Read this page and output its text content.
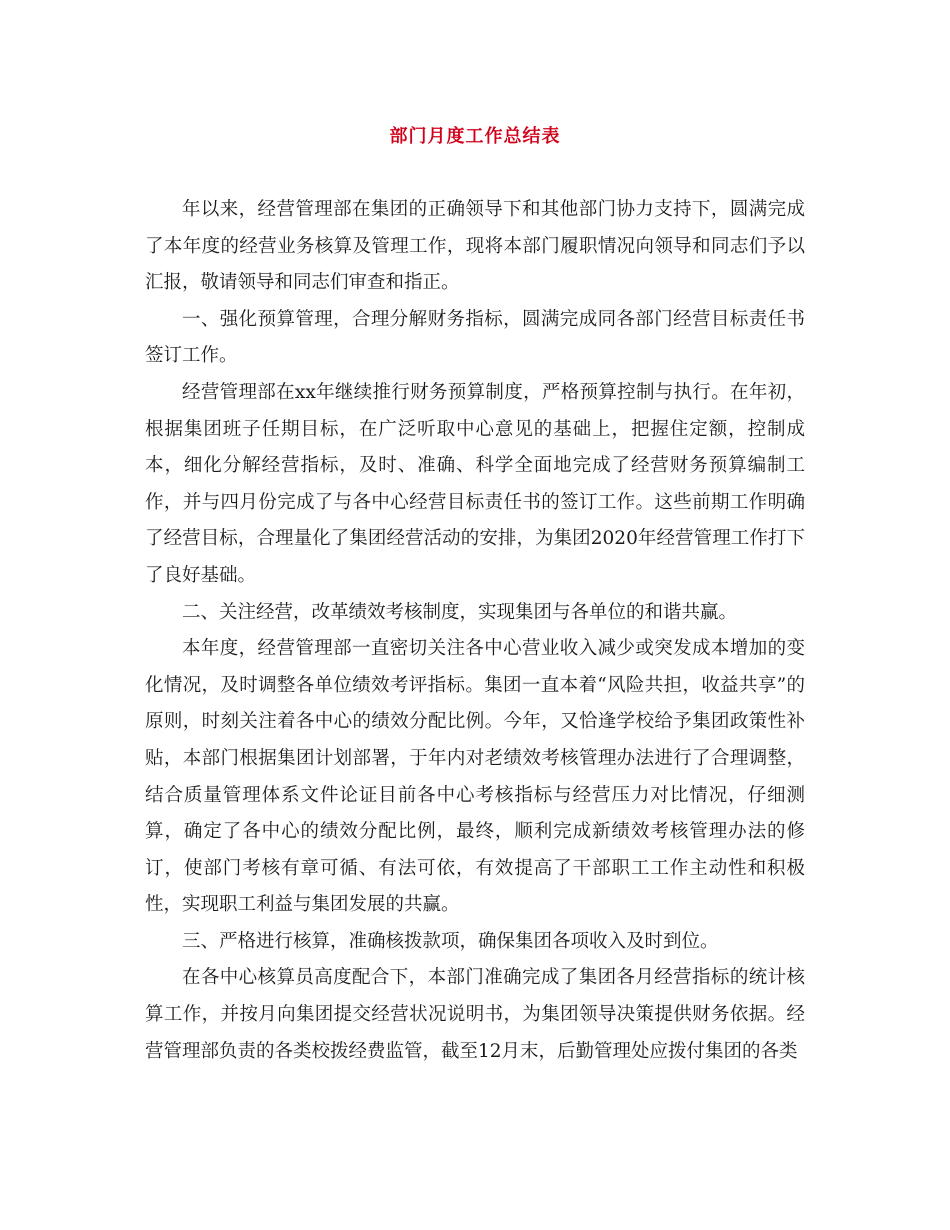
部门月度工作总结表

年以来，经营管理部在集团的正确领导下和其他部门协力支持下，圆满完成了本年度的经营业务核算及管理工作，现将本部门履职情况向领导和同志们予以汇报，敬请领导和同志们审查和指正。

一、强化预算管理，合理分解财务指标，圆满完成同各部门经营目标责任书签订工作。

经营管理部在xx年继续推行财务预算制度，严格预算控制与执行。在年初，根据集团班子任期目标，在广泛听取中心意见的基础上，把握住定额，控制成本，细化分解经营指标，及时、准确、科学全面地完成了经营财务预算编制工作，并与四月份完成了与各中心经营目标责任书的签订工作。这些前期工作明确了经营目标，合理量化了集团经营活动的安排，为集团2020年经营管理工作打下了良好基础。

二、关注经营，改革绩效考核制度，实现集团与各单位的和谐共赢。

本年度，经营管理部一直密切关注各中心营业收入减少或突发成本增加的变化情况，及时调整各单位绩效考评指标。集团一直本着“风险共担，收益共享”的原则，时刻关注着各中心的绩效分配比例。今年，又恰逢学校给予集团政策性补贴，本部门根据集团计划部署，于年内对老绩效考核管理办法进行了合理调整，结合质量管理体系文件论证目前各中心考核指标与经营压力对比情况，仔细测算，确定了各中心的绩效分配比例，最终，顺利完成新绩效考核管理办法的修订，使部门考核有章可循、有法可依，有效提高了干部职工工作主动性和积极性，实现职工利益与集团发展的共赢。

三、严格进行核算，准确核拨款项，确保集团各项收入及时到位。

在各中心核算员高度配合下，本部门准确完成了集团各月经营指标的统计核算工作，并按月向集团提交经营状况说明书，为集团领导决策提供财务依据。经营管理部负责的各类校拨经费监管，截至12月末，后勤管理处应拨付集团的各类
